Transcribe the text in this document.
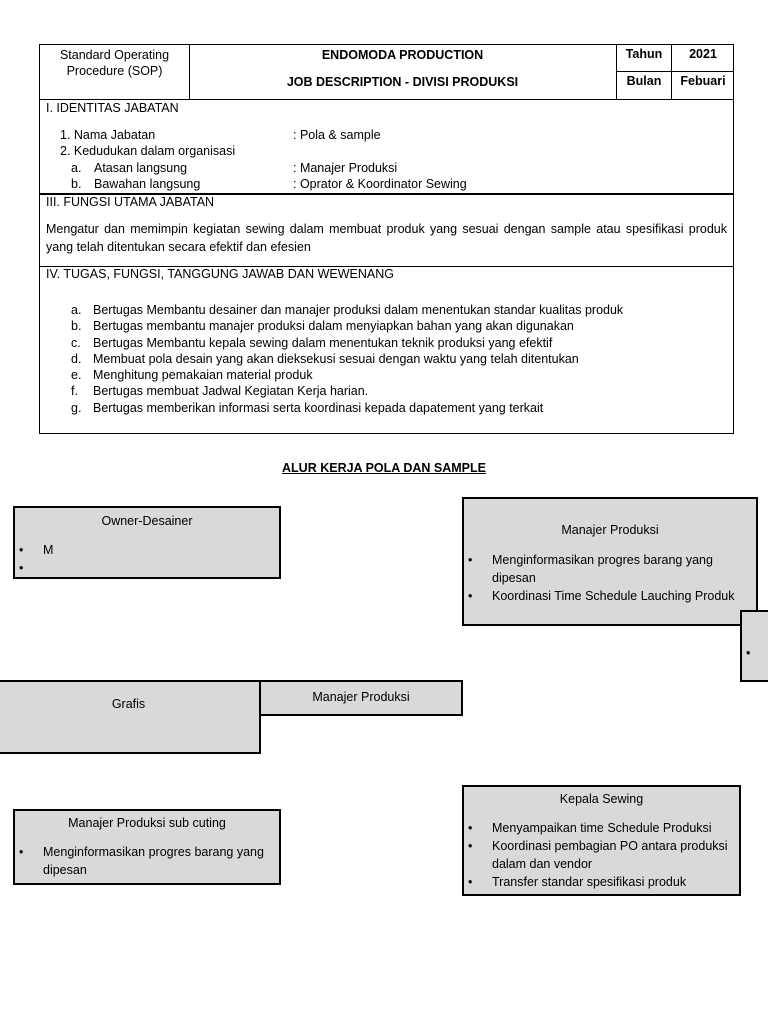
Standard Operating Procedure (SOP)
ENDOMODA PRODUCTION
JOB DESCRIPTION - DIVISI PRODUKSI
Tahun	2021
Bulan	Febuari
I. IDENTITAS JABATAN
1. Nama Jabatan	: Pola & sample
2. Kedudukan dalam organisasi
a. Atasan langsung	: Manajer Produksi
b. Bawahan langsung	: Oprator & Koordinator Sewing
III. FUNGSI UTAMA JABATAN
Mengatur dan memimpin kegiatan sewing dalam membuat produk yang sesuai dengan sample atau spesifikasi produk yang telah ditentukan secara efektif dan efesien
IV. TUGAS, FUNGSI, TANGGUNG JAWAB DAN WEWENANG
a. Bertugas Membantu desainer dan manajer produksi dalam menentukan standar kualitas produk
b. Bertugas membantu manajer produksi dalam menyiapkan bahan yang akan digunakan
c. Bertugas Membantu kepala sewing dalam menentukan teknik produksi yang efektif
d. Membuat pola desain yang akan dieksekusi sesuai dengan waktu yang telah ditentukan
e. Menghitung pemakaian material produk
f. Bertugas membuat Jadwal Kegiatan Kerja harian.
g. Bertugas memberikan informasi serta koordinasi kepada dapatement yang terkait
ALUR KERJA POLA DAN SAMPLE
Owner-Desainer
• M
•
Manajer Produksi
• Menginformasikan progres barang yang dipesan
• Koordinasi Time Schedule Lauching Produk
•
Grafis	Manajer Produksi
Manajer Produksi sub cuting
• Menginformasikan progres barang yang dipesan
Kepala Sewing
• Menyampaikan time Schedule Produksi
• Koordinasi pembagian PO antara produksi dalam dan vendor
• Transfer standar spesifikasi produk
